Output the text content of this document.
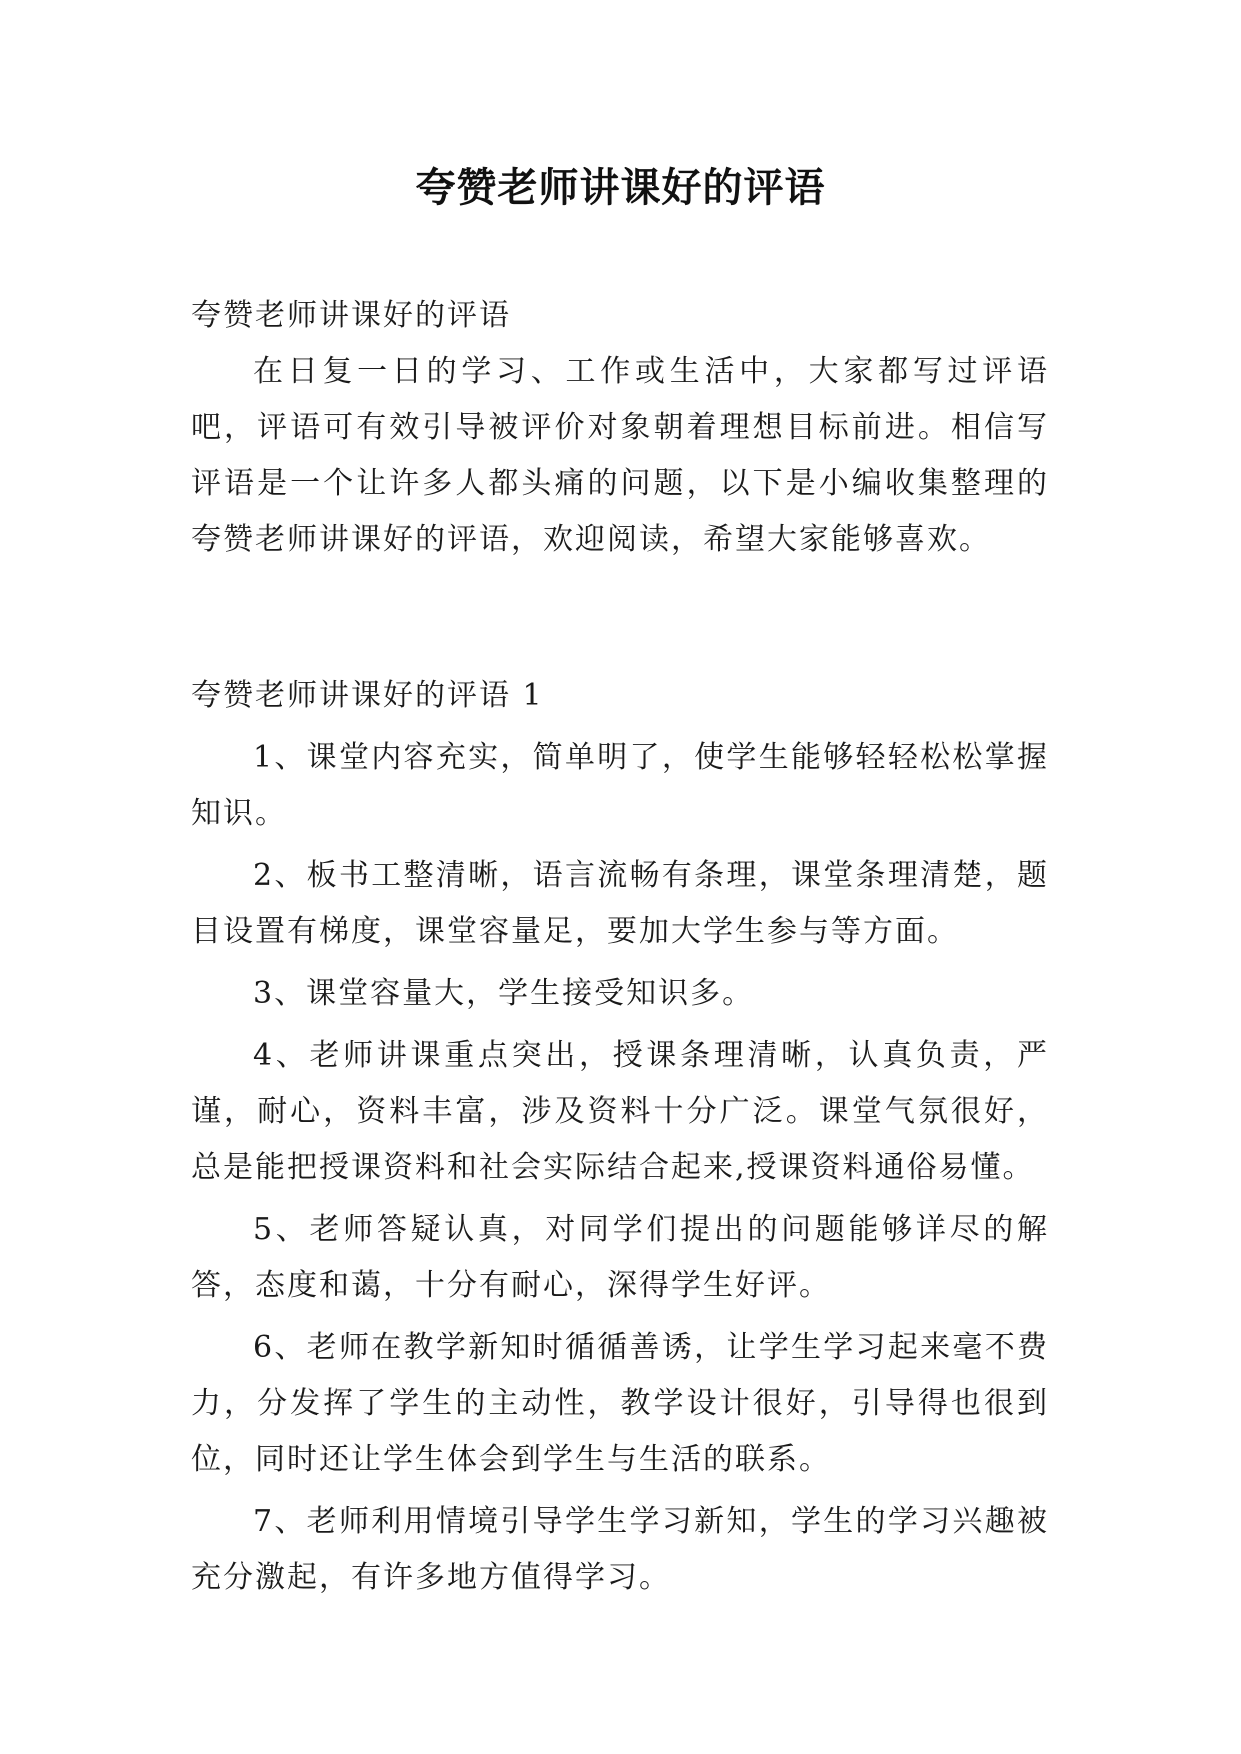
夸赞老师讲课好的评语

夸赞老师讲课好的评语

在日复一日的学习、工作或生活中，大家都写过评语吧，评语可有效引导被评价对象朝着理想目标前进。相信写评语是一个让许多人都头痛的问题，以下是小编收集整理的夸赞老师讲课好的评语，欢迎阅读，希望大家能够喜欢。

夸赞老师讲课好的评语 1

1、课堂内容充实，简单明了，使学生能够轻轻松松掌握知识。

2、板书工整清晰，语言流畅有条理，课堂条理清楚，题目设置有梯度，课堂容量足，要加大学生参与等方面。

3、课堂容量大，学生接受知识多。

4、老师讲课重点突出，授课条理清晰，认真负责，严谨，耐心，资料丰富，涉及资料十分广泛。课堂气氛很好，总是能把授课资料和社会实际结合起来,授课资料通俗易懂。

5、老师答疑认真，对同学们提出的问题能够详尽的解答，态度和蔼，十分有耐心，深得学生好评。

6、老师在教学新知时循循善诱，让学生学习起来毫不费力，分发挥了学生的主动性，教学设计很好，引导得也很到位，同时还让学生体会到学生与生活的联系。

7、老师利用情境引导学生学习新知，学生的学习兴趣被充分激起，有许多地方值得学习。
